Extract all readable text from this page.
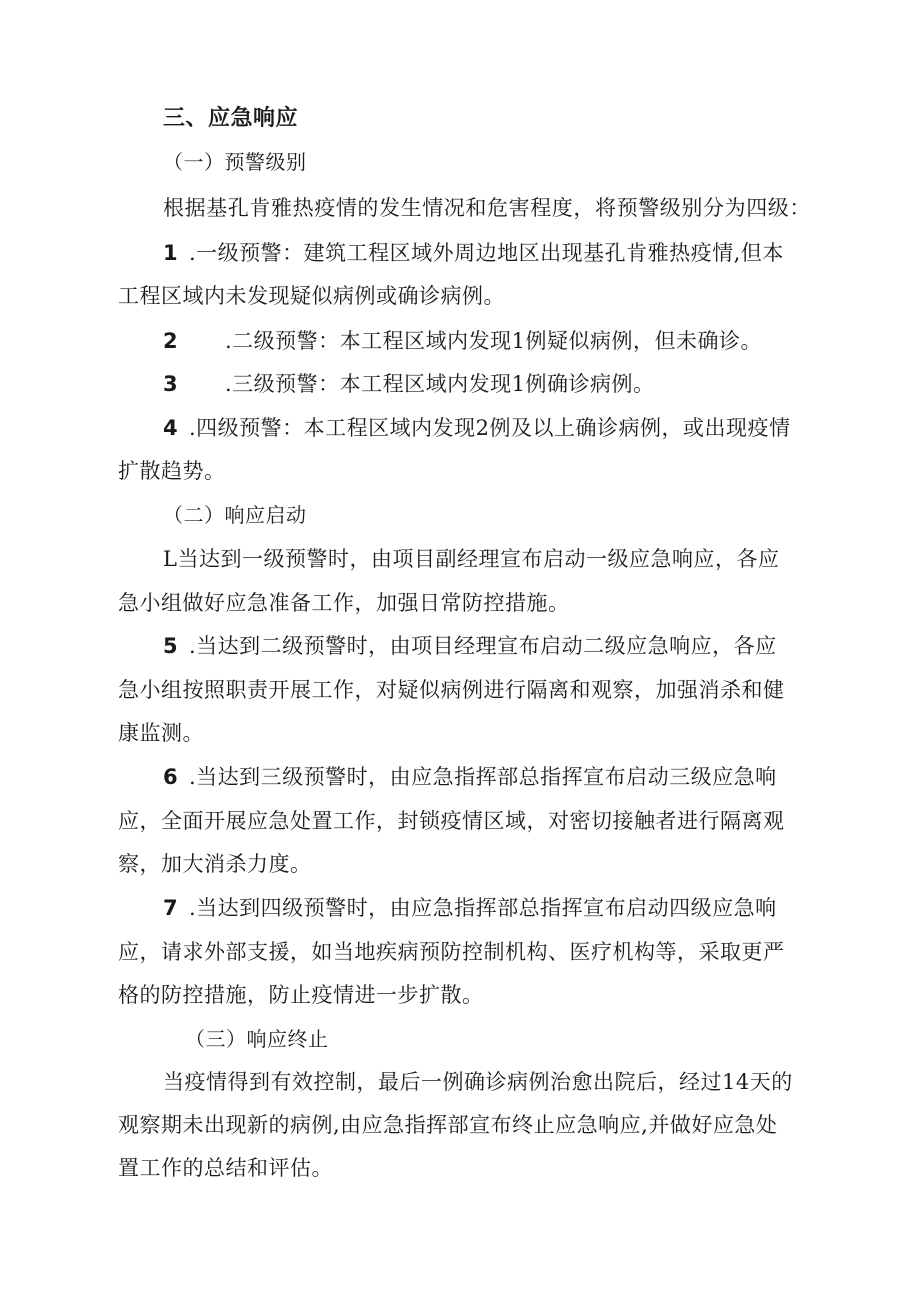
三、应急响应
（一）预警级别
根据基孔肯雅热疫情的发生情况和危害程度，将预警级别分为四级：
1 .一级预警：建筑工程区域外周边地区出现基孔肯雅热疫情,但本
工程区域内未发现疑似病例或确诊病例。
2 .二级预警：本工程区域内发现1例疑似病例，但未确诊。
3 .三级预警：本工程区域内发现1例确诊病例。
4 .四级预警：本工程区域内发现2例及以上确诊病例，或出现疫情
扩散趋势。
（二）响应启动
L当达到一级预警时，由项目副经理宣布启动一级应急响应，各应
急小组做好应急准备工作，加强日常防控措施。
5 .当达到二级预警时，由项目经理宣布启动二级应急响应，各应
急小组按照职责开展工作，对疑似病例进行隔离和观察，加强消杀和健
康监测。
6 .当达到三级预警时，由应急指挥部总指挥宣布启动三级应急响
应，全面开展应急处置工作，封锁疫情区域，对密切接触者进行隔离观
察，加大消杀力度。
7 .当达到四级预警时，由应急指挥部总指挥宣布启动四级应急响
应，请求外部支援，如当地疾病预防控制机构、医疗机构等，采取更严
格的防控措施，防止疫情进一步扩散。
（三）响应终止
当疫情得到有效控制，最后一例确诊病例治愈出院后，经过14天的
观察期未出现新的病例,由应急指挥部宣布终止应急响应,并做好应急处
置工作的总结和评估。
